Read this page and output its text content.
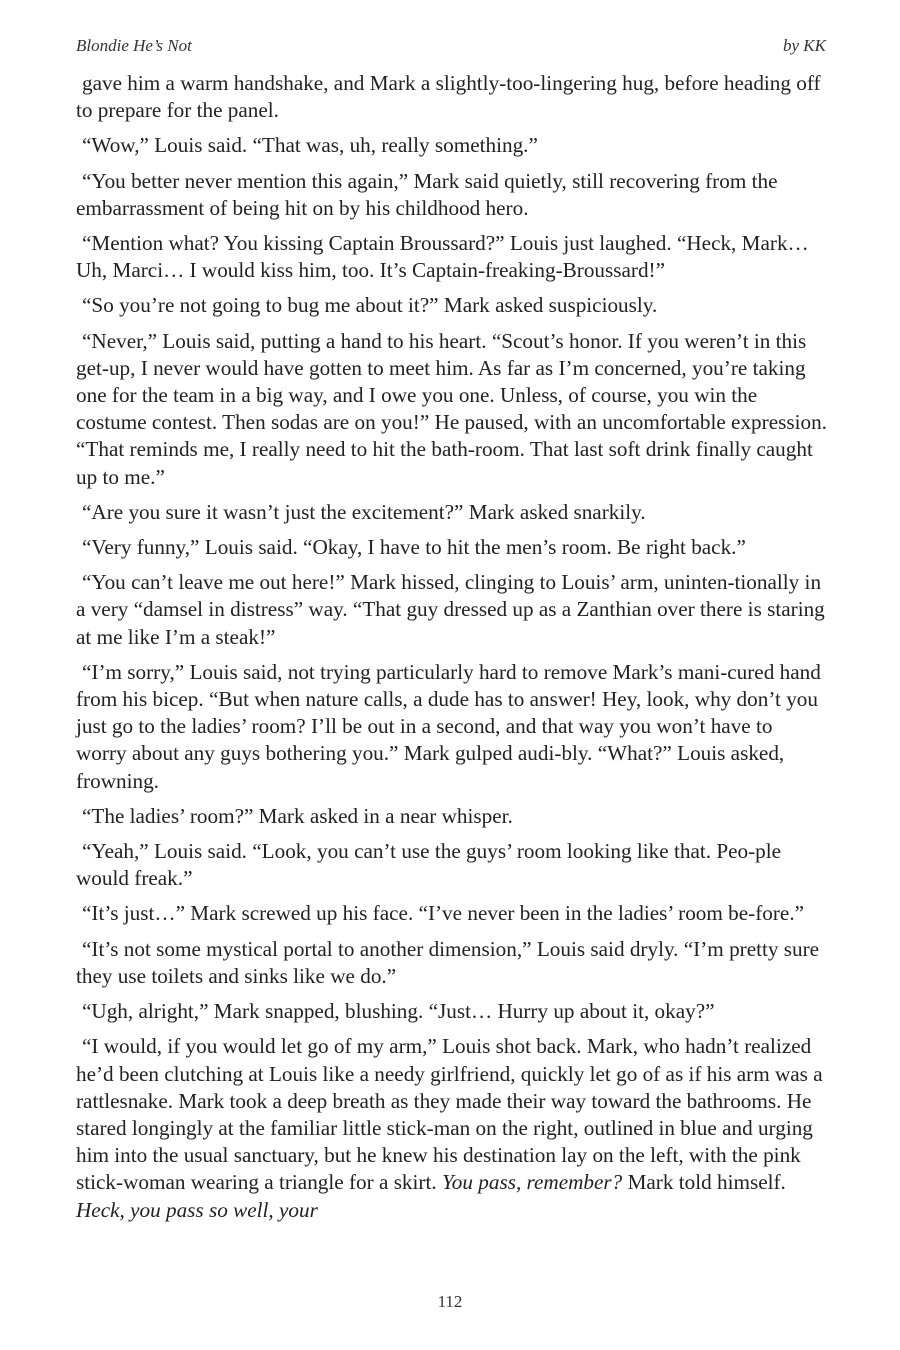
Blondie He’s Not	by KK

gave him a warm handshake, and Mark a slightly-too-lingering hug, before heading off to prepare for the panel.

“Wow,” Louis said. “That was, uh, really something.”

“You better never mention this again,” Mark said quietly, still recovering from the embarrassment of being hit on by his childhood hero.

“Mention what? You kissing Captain Broussard?” Louis just laughed. “Heck, Mark… Uh, Marci… I would kiss him, too. It’s Captain-freaking-Broussard!”

“So you’re not going to bug me about it?” Mark asked suspiciously.

“Never,” Louis said, putting a hand to his heart. “Scout’s honor. If you weren’t in this get-up, I never would have gotten to meet him. As far as I’m concerned, you’re taking one for the team in a big way, and I owe you one. Unless, of course, you win the costume contest. Then sodas are on you!” He paused, with an uncomfortable expression. “That reminds me, I really need to hit the bath-room. That last soft drink finally caught up to me.”

“Are you sure it wasn’t just the excitement?” Mark asked snarkily.

“Very funny,” Louis said. “Okay, I have to hit the men’s room. Be right back.”

“You can’t leave me out here!” Mark hissed, clinging to Louis’ arm, uninten-tionally in a very “damsel in distress” way. “That guy dressed up as a Zanthian over there is staring at me like I’m a steak!”

“I’m sorry,” Louis said, not trying particularly hard to remove Mark’s mani-cured hand from his bicep. “But when nature calls, a dude has to answer! Hey, look, why don’t you just go to the ladies’ room? I’ll be out in a second, and that way you won’t have to worry about any guys bothering you.” Mark gulped audi-bly. “What?” Louis asked, frowning.

“The ladies’ room?” Mark asked in a near whisper.

“Yeah,” Louis said. “Look, you can’t use the guys’ room looking like that. Peo-ple would freak.”

“It’s just…” Mark screwed up his face. “I’ve never been in the ladies’ room be-fore.”

“It’s not some mystical portal to another dimension,” Louis said dryly. “I’m pretty sure they use toilets and sinks like we do.”

“Ugh, alright,” Mark snapped, blushing. “Just… Hurry up about it, okay?”

“I would, if you would let go of my arm,” Louis shot back. Mark, who hadn’t realized he’d been clutching at Louis like a needy girlfriend, quickly let go of as if his arm was a rattlesnake. Mark took a deep breath as they made their way toward the bathrooms. He stared longingly at the familiar little stick-man on the right, outlined in blue and urging him into the usual sanctuary, but he knew his destination lay on the left, with the pink stick-woman wearing a triangle for a skirt. You pass, remember? Mark told himself. Heck, you pass so well, your

112
